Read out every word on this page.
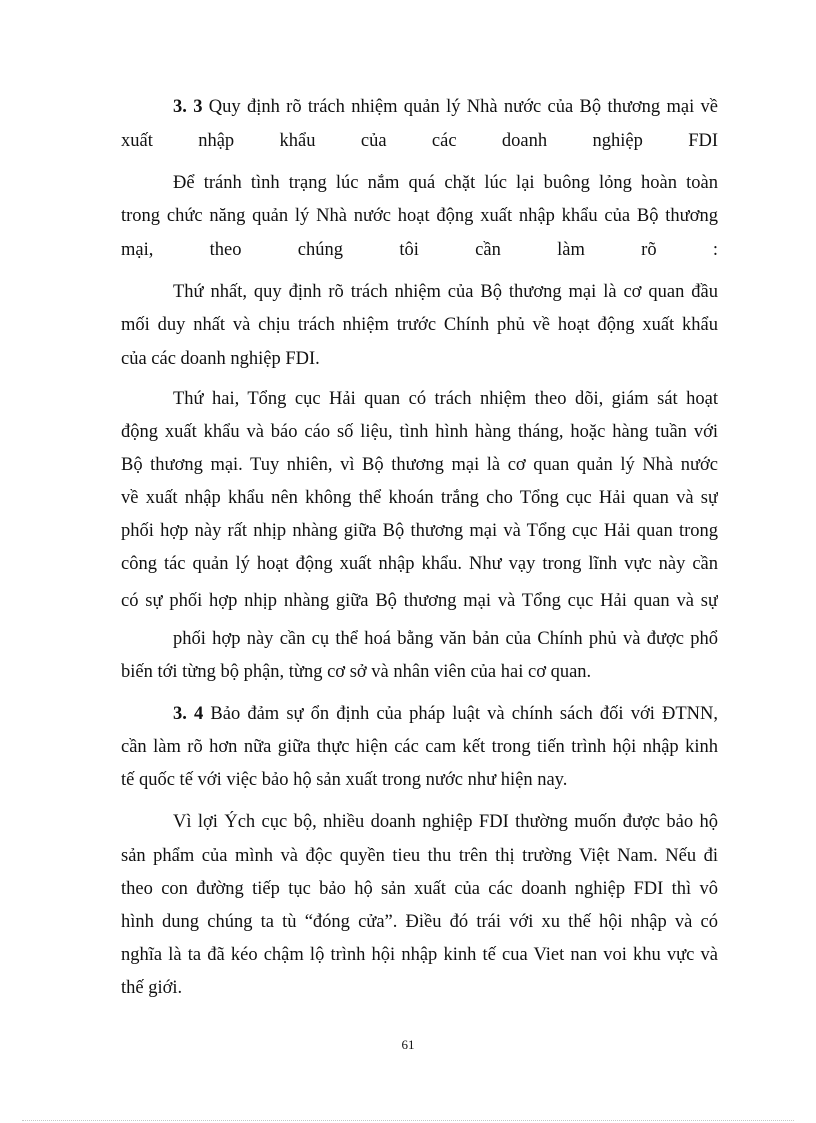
3. 3 Quy định rõ trách nhiệm quản lý Nhà nước của Bộ thương mại về
xuất nhập khẩu của các doanh nghiệp FDI
Để tránh tình trạng lúc nắm quá chặt lúc lại buông lỏng hoàn toàn
trong chức năng quản lý Nhà nước hoạt động xuất nhập khẩu của Bộ thương
mại, theo chúng tôi cần làm rõ :
Thứ nhất, quy định rõ trách nhiệm của Bộ thương mại là cơ quan đầu
mối duy nhất và chịu trách nhiệm trước Chính phủ về hoạt động xuất khẩu
của các doanh nghiệp FDI.
Thứ hai, Tổng cục Hải quan có trách nhiệm theo dõi, giám sát hoạt
động xuất khẩu và báo cáo số liệu, tình hình hàng tháng, hoặc hàng tuần với
Bộ thương mại. Tuy nhiên, vì Bộ thương mại là cơ quan quản lý Nhà nước
về xuất nhập khẩu nên không thể khoán trắng cho Tổng cục Hải quan và sự
phối hợp này rất nhịp nhàng giữa Bộ thương mại và Tổng cục Hải quan trong
công tác quản lý hoạt động xuất nhập khẩu. Như vạy trong lĩnh vực này cần
có sự phối hợp nhịp nhàng giữa Bộ thương mại và Tổng cục Hải quan và sự
phối hợp này cần cụ thể hoá bằng văn bản của Chính phủ và được phổ
biến tới từng bộ phận, từng cơ sở và nhân viên của hai cơ quan.
3. 4 Bảo đảm sự ổn định của pháp luật và chính sách đối với ĐTNN,
cần làm rõ hơn nữa giữa thực hiện các cam kết trong tiến trình hội nhập kinh
tế quốc tế với việc bảo hộ sản xuất trong nước như hiện nay.
Vì lợi Ých cục bộ, nhiều doanh nghiệp FDI thường muốn được bảo hộ
sản phẩm của mình và độc quyền tieu thu trên thị trường Việt Nam. Nếu đi
theo con đường tiếp tục bảo hộ sản xuất của các doanh nghiệp FDI thì vô
hình dung chúng ta tù “đóng cửa”. Điều đó trái với xu thế hội nhập và có
nghĩa là ta đã kéo chậm lộ trình hội nhập kinh tế cua Viet nan voi khu vực và
thế giới.
61
